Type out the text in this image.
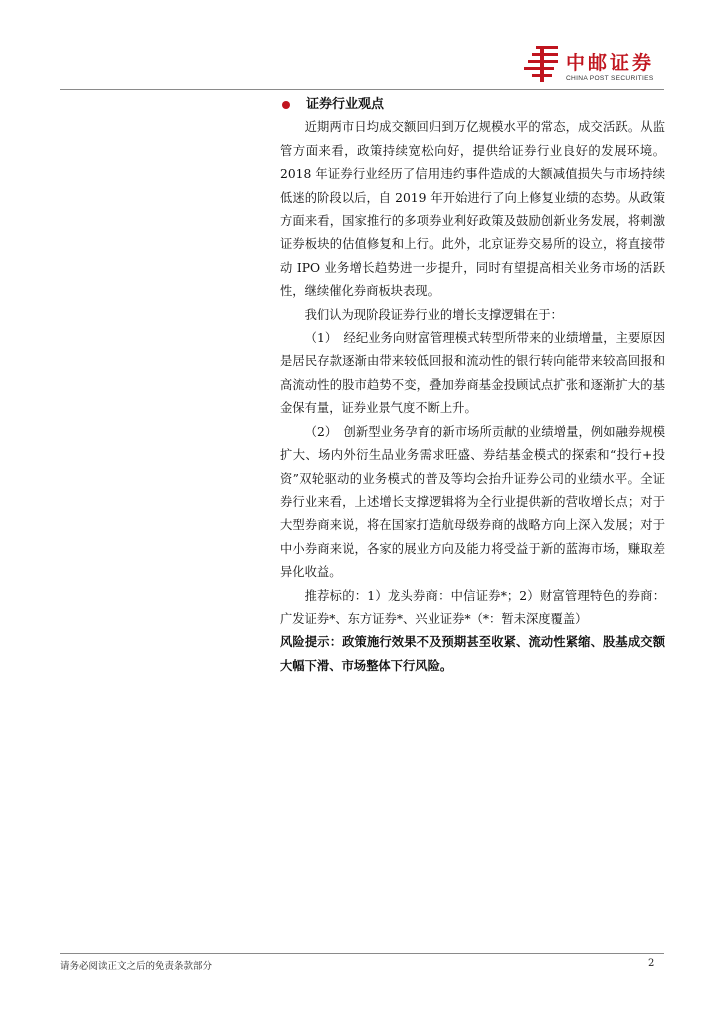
中邮证券
CHINA POST SECURITIES
证券行业观点

近期两市日均成交额回归到万亿规模水平的常态，成交活跃。从监管方面来看，政策持续宽松向好，提供给证券行业良好的发展环境。2018 年证券行业经历了信用违约事件造成的大额减值损失与市场持续低迷的阶段以后，自 2019 年开始进行了向上修复业绩的态势。从政策方面来看，国家推行的多项券业利好政策及鼓励创新业务发展，将刺激证券板块的估值修复和上行。此外，北京证券交易所的设立，将直接带动 IPO 业务增长趋势进一步提升，同时有望提高相关业务市场的活跃性，继续催化券商板块表现。

我们认为现阶段证券行业的增长支撑逻辑在于：

（1）　经纪业务向财富管理模式转型所带来的业绩增量，主要原因是居民存款逐渐由带来较低回报和流动性的银行转向能带来较高回报和高流动性的股市趋势不变，叠加券商基金投顾试点扩张和逐渐扩大的基金保有量，证券业景气度不断上升。

（2）　创新型业务孕育的新市场所贡献的业绩增量，例如融券规模扩大、场内外衍生品业务需求旺盛、券结基金模式的探索和“投行+投资”双轮驱动的业务模式的普及等均会抬升证券公司的业绩水平。全证券行业来看，上述增长支撑逻辑将为全行业提供新的营收增长点；对于大型券商来说，将在国家打造航母级券商的战略方向上深入发展；对于中小券商来说，各家的展业方向及能力将受益于新的蓝海市场，赚取差异化收益。

推荐标的：1）龙头券商：中信证券*；2）财富管理特色的券商：广发证券*、东方证券*、兴业证券*（*：暂未深度覆盖）

风险提示：政策施行效果不及预期甚至收紧、流动性紧缩、股基成交额大幅下滑、市场整体下行风险。

请务必阅读正文之后的免责条款部分	2
